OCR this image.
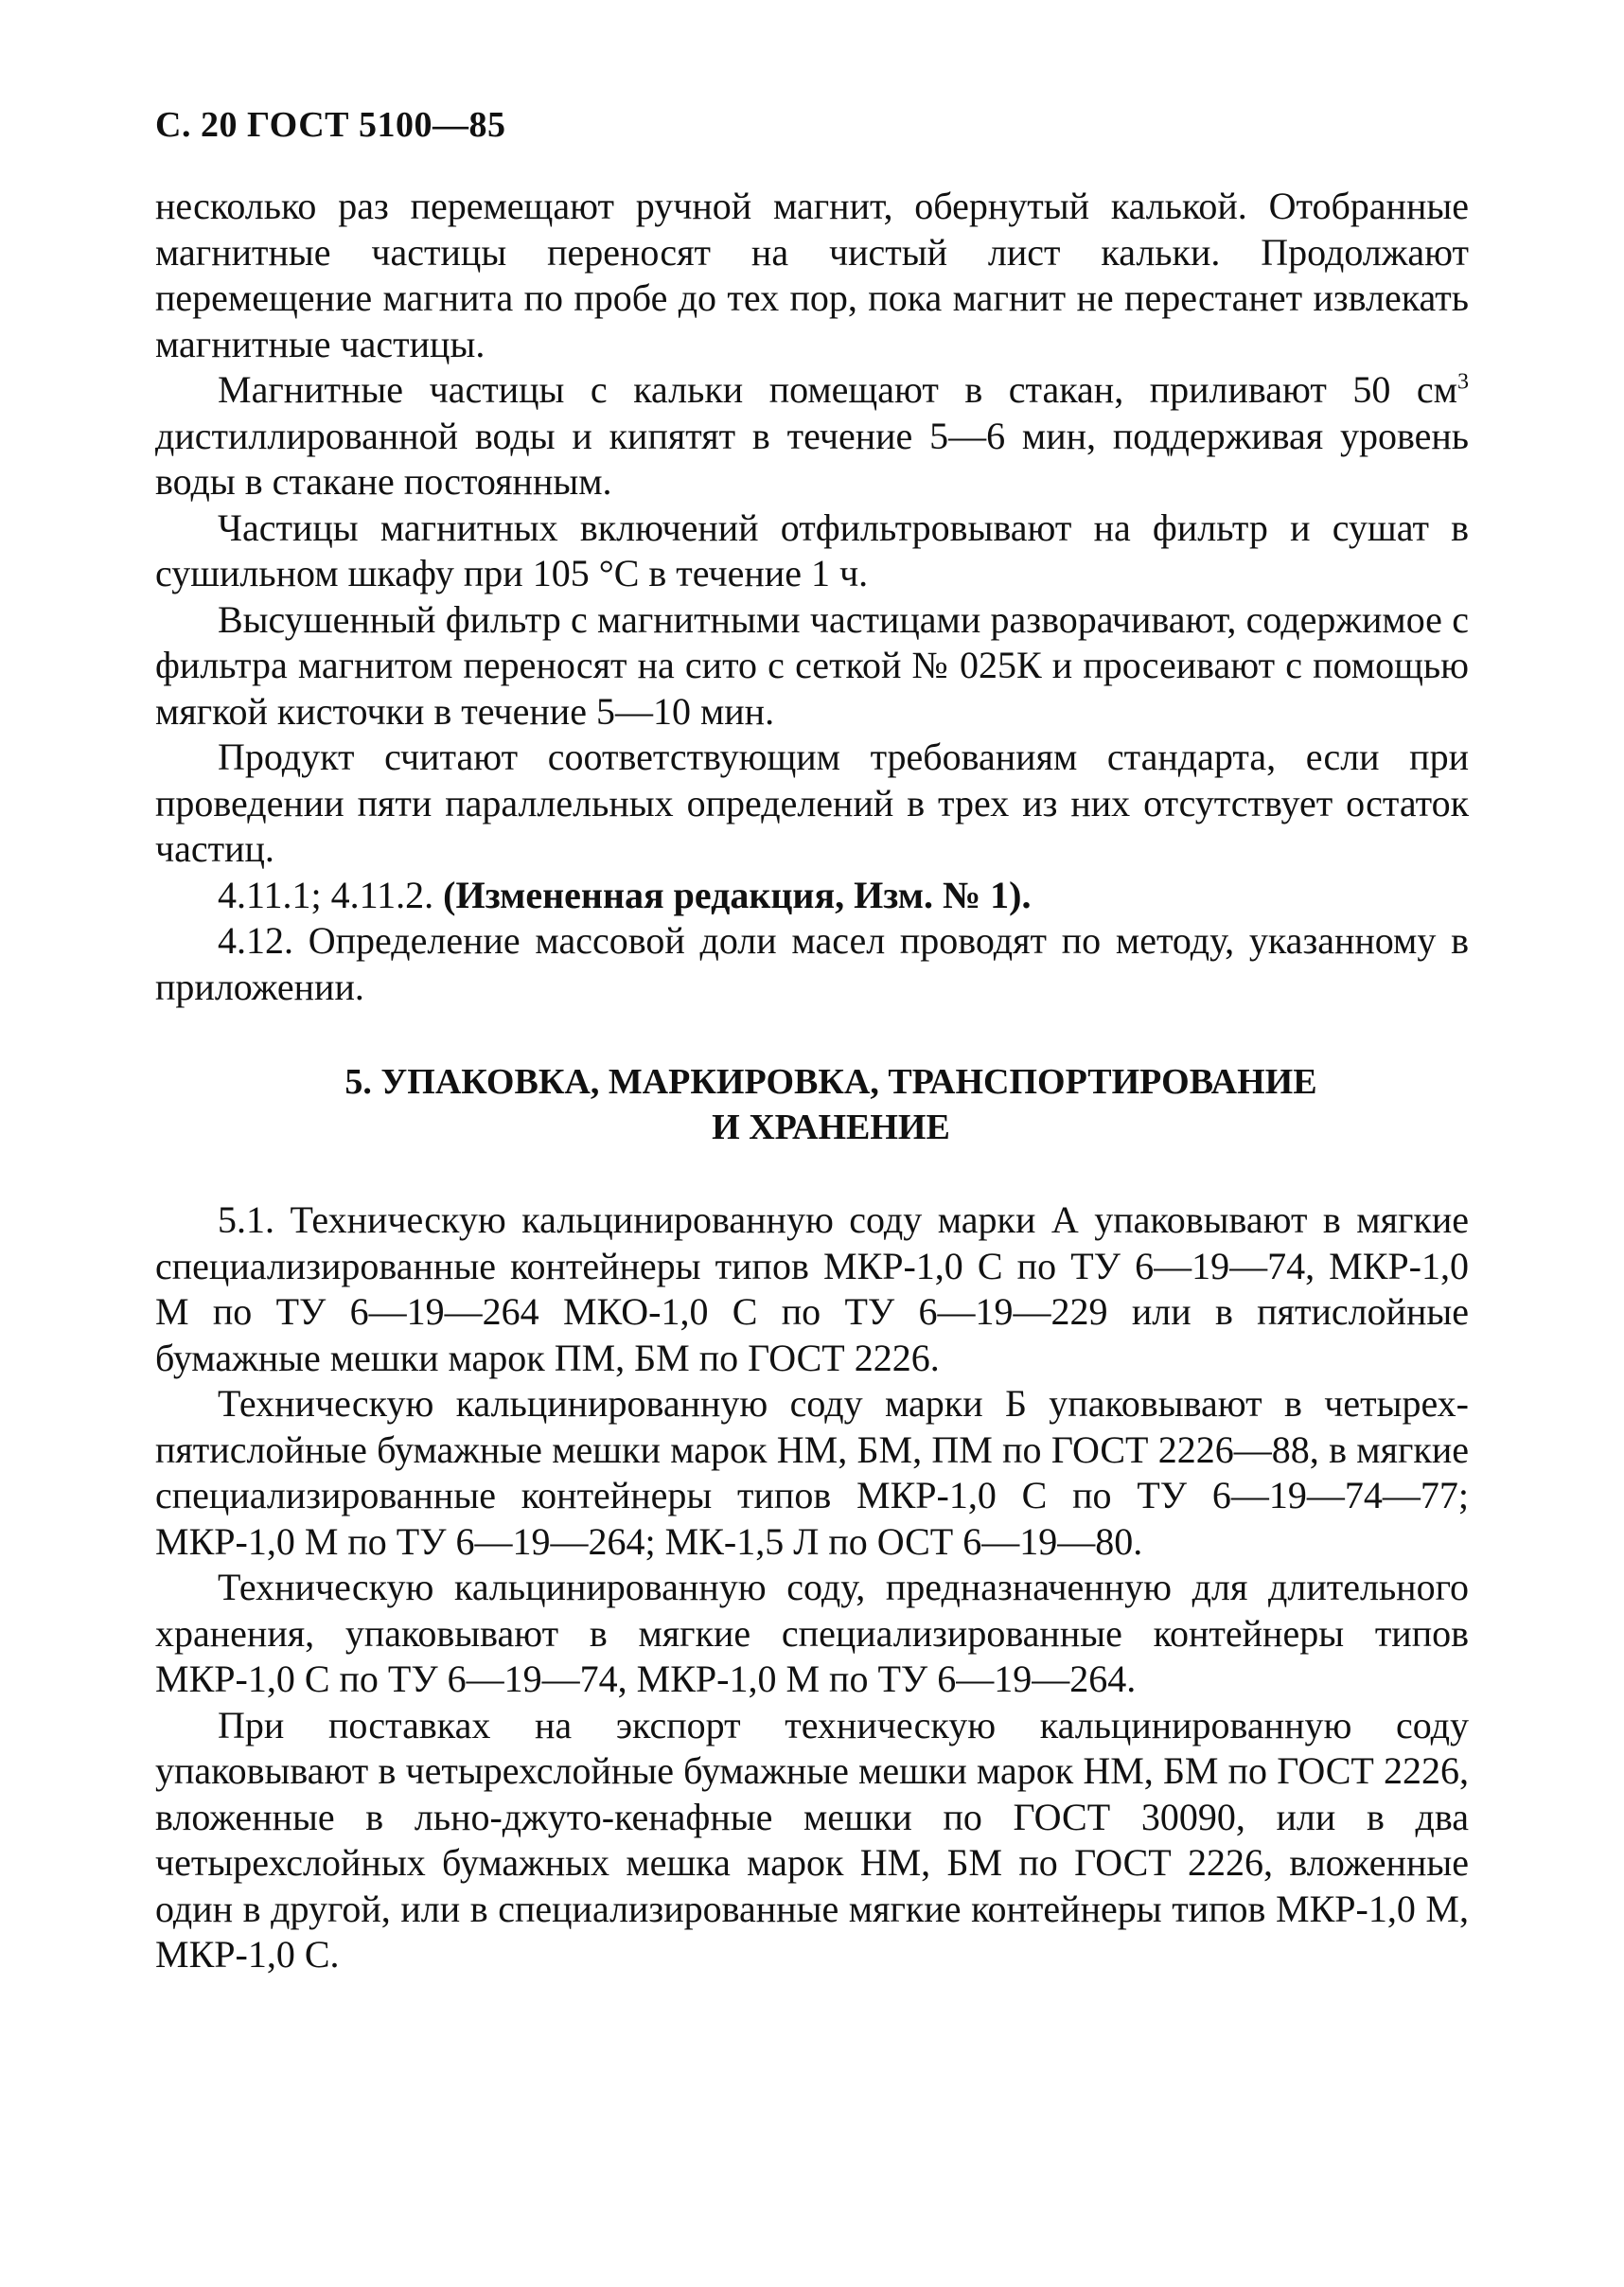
С. 20 ГОСТ 5100—85

несколько раз перемещают ручной магнит, обернутый калькой. Отобранные магнитные частицы переносят на чистый лист кальки. Продолжают перемещение магнита по пробе до тех пор, пока магнит не перестанет извлекать магнитные частицы.

Магнитные частицы с кальки помещают в стакан, приливают 50 $см^3$ дистиллированной воды и кипятят в течение 5—6 мин, поддерживая уровень воды в стакане постоянным.

Частицы магнитных включений отфильтровывают на фильтр и сушат в сушильном шкафу при 105 °С в течение 1 ч.

Высушенный фильтр с магнитными частицами разворачивают, содержимое с фильтра магнитом переносят на сито с сеткой № 025К и просеивают с помощью мягкой кисточки в течение 5—10 мин.

Продукт считают соответствующим требованиям стандарта, если при проведении пяти параллельных определений в трех из них отсутствует остаток частиц.

4.11.1; 4.11.2. (Измененная редакция, Изм. № 1).

4.12. Определение массовой доли масел проводят по методу, указанному в приложении.

5. УПАКОВКА, МАРКИРОВКА, ТРАНСПОРТИРОВАНИЕ
И ХРАНЕНИЕ

5.1. Техническую кальцинированную соду марки А упаковывают в мягкие специализированные контейнеры типов МКР-1,0 С по ТУ 6—19—74, МКР-1,0 М по ТУ 6—19—264 МКО-1,0 С по ТУ 6—19—229 или в пятислойные бумажные мешки марок ПМ, БМ по ГОСТ 2226.

Техническую кальцинированную соду марки Б упаковывают в четырех-пятислойные бумажные мешки марок НМ, БМ, ПМ по ГОСТ 2226—88, в мягкие специализированные контейнеры типов МКР-1,0 С по ТУ 6—19—74—77; МКР-1,0 М по ТУ 6—19—264; МК-1,5 Л по ОСТ 6—19—80.

Техническую кальцинированную соду, предназначенную для длительного хранения, упаковывают в мягкие специализированные контейнеры типов МКР-1,0 С по ТУ 6—19—74, МКР-1,0 М по ТУ 6—19—264.

При поставках на экспорт техническую кальцинированную соду упаковывают в четырехслойные бумажные мешки марок НМ, БМ по ГОСТ 2226, вложенные в льно-джуто-кенафные мешки по ГОСТ 30090, или в два четырехслойных бумажных мешка марок НМ, БМ по ГОСТ 2226, вложенные один в другой, или в специализированные мягкие контейнеры типов МКР-1,0 М, МКР-1,0 С.
